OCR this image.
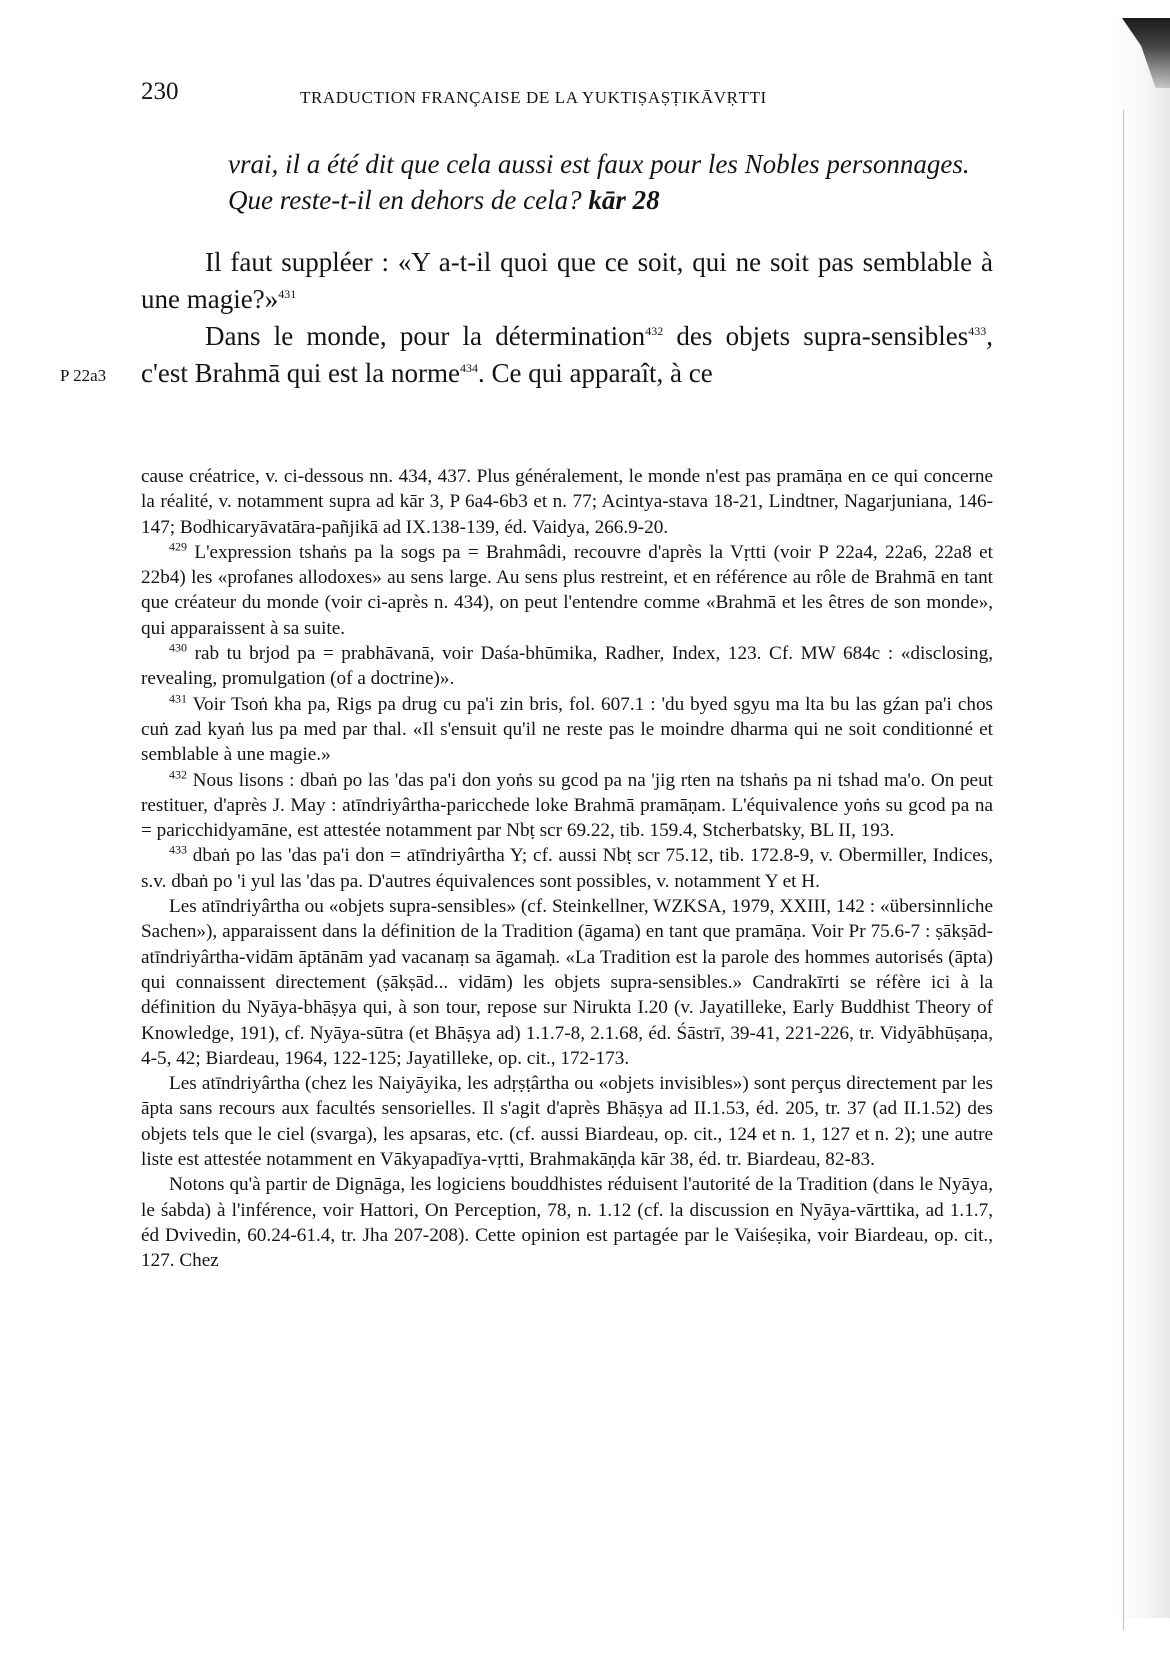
230	TRADUCTION FRANÇAISE DE LA YUKTIṢAṢṬIKĀVṚTTI
vrai, il a été dit que cela aussi est faux pour les Nobles personnages. Que reste-t-il en dehors de cela? kār 28
P 22a3

Il faut suppléer : «Y a-t-il quoi que ce soit, qui ne soit pas semblable à une magie?»$^{431}$

Dans le monde, pour la détermination$^{432}$ des objets supra-sensibles$^{433}$, c'est Brahmā qui est la norme$^{434}$. Ce qui apparaît, à ce

cause créatrice, v. ci-dessous nn. 434, 437. Plus généralement, le monde n'est pas pramāṇa en ce qui concerne la réalité, v. notamment supra ad kār 3, P 6a4-6b3 et n. 77; Acintya-stava 18-21, Lindtner, Nagarjuniana, 146-147; Bodhicaryāvatāra-pañjikā ad IX.138-139, éd. Vaidya, 266.9-20.

$^{429}$ L'expression tshaṅs pa la sogs pa = Brahmâdi, recouvre d'après la Vṛtti (voir P 22a4, 22a6, 22a8 et 22b4) les «profanes allodoxes» au sens large. Au sens plus restreint, et en référence au rôle de Brahmā en tant que créateur du monde (voir ci-après n. 434), on peut l'entendre comme «Brahmā et les êtres de son monde», qui apparaissent à sa suite.

$^{430}$ rab tu brjod pa = prabhāvanā, voir Daśa-bhūmika, Radher, Index, 123. Cf. MW 684c : «disclosing, revealing, promulgation (of a doctrine)».

$^{431}$ Voir Tsoṅ kha pa, Rigs pa drug cu pa'i zin bris, fol. 607.1 : 'du byed sgyu ma lta bu las gźan pa'i chos cuṅ zad kyaṅ lus pa med par thal. «Il s'ensuit qu'il ne reste pas le moindre dharma qui ne soit conditionné et semblable à une magie.»

$^{432}$ Nous lisons : dbaṅ po las 'das pa'i don yoṅs su gcod pa na 'jig rten na tshaṅs pa ni tshad ma'o. On peut restituer, d'après J. May : atīndriyârtha-paricchede loke Brahmā pramāṇam. L'équivalence yoṅs su gcod pa na = paricchidyamāne, est attestée notamment par Nbṭ scr 69.22, tib. 159.4, Stcherbatsky, BL II, 193.

$^{433}$ dbaṅ po las 'das pa'i don = atīndriyârtha Y; cf. aussi Nbṭ scr 75.12, tib. 172.8-9, v. Obermiller, Indices, s.v. dbaṅ po 'i yul las 'das pa. D'autres équivalences sont possibles, v. notamment Y et H.

Les atīndriyârtha ou «objets supra-sensibles» (cf. Steinkellner, WZKSA, 1979, XXIII, 142 : «übersinnliche Sachen»), apparaissent dans la définition de la Tradition (āgama) en tant que pramāṇa. Voir Pr 75.6-7 : ṣākṣād-atīndriyârtha-vidām āptānām yad vacanaṃ sa āgamaḥ. «La Tradition est la parole des hommes autorisés (āpta) qui connaissent directement (ṣākṣād... vidām) les objets supra-sensibles.» Candrakīrti se réfère ici à la définition du Nyāya-bhāṣya qui, à son tour, repose sur Nirukta I.20 (v. Jayatilleke, Early Buddhist Theory of Knowledge, 191), cf. Nyāya-sūtra (et Bhāṣya ad) 1.1.7-8, 2.1.68, éd. Śāstrī, 39-41, 221-226, tr. Vidyābhūṣaṇa, 4-5, 42; Biardeau, 1964, 122-125; Jayatilleke, op. cit., 172-173.

Les atīndriyârtha (chez les Naiyāyika, les adṛṣṭârtha ou «objets invisibles») sont perçus directement par les āpta sans recours aux facultés sensorielles. Il s'agit d'après Bhāṣya ad II.1.53, éd. 205, tr. 37 (ad II.1.52) des objets tels que le ciel (svarga), les apsaras, etc. (cf. aussi Biardeau, op. cit., 124 et n. 1, 127 et n. 2); une autre liste est attestée notamment en Vākyapadīya-vṛtti, Brahmakāṇḍa kār 38, éd. tr. Biardeau, 82-83.

Notons qu'à partir de Dignāga, les logiciens bouddhistes réduisent l'autorité de la Tradition (dans le Nyāya, le śabda) à l'inférence, voir Hattori, On Perception, 78, n. 1.12 (cf. la discussion en Nyāya-vārttika, ad 1.1.7, éd Dvivedin, 60.24-61.4, tr. Jha 207-208). Cette opinion est partagée par le Vaiśeṣika, voir Biardeau, op. cit., 127. Chez
